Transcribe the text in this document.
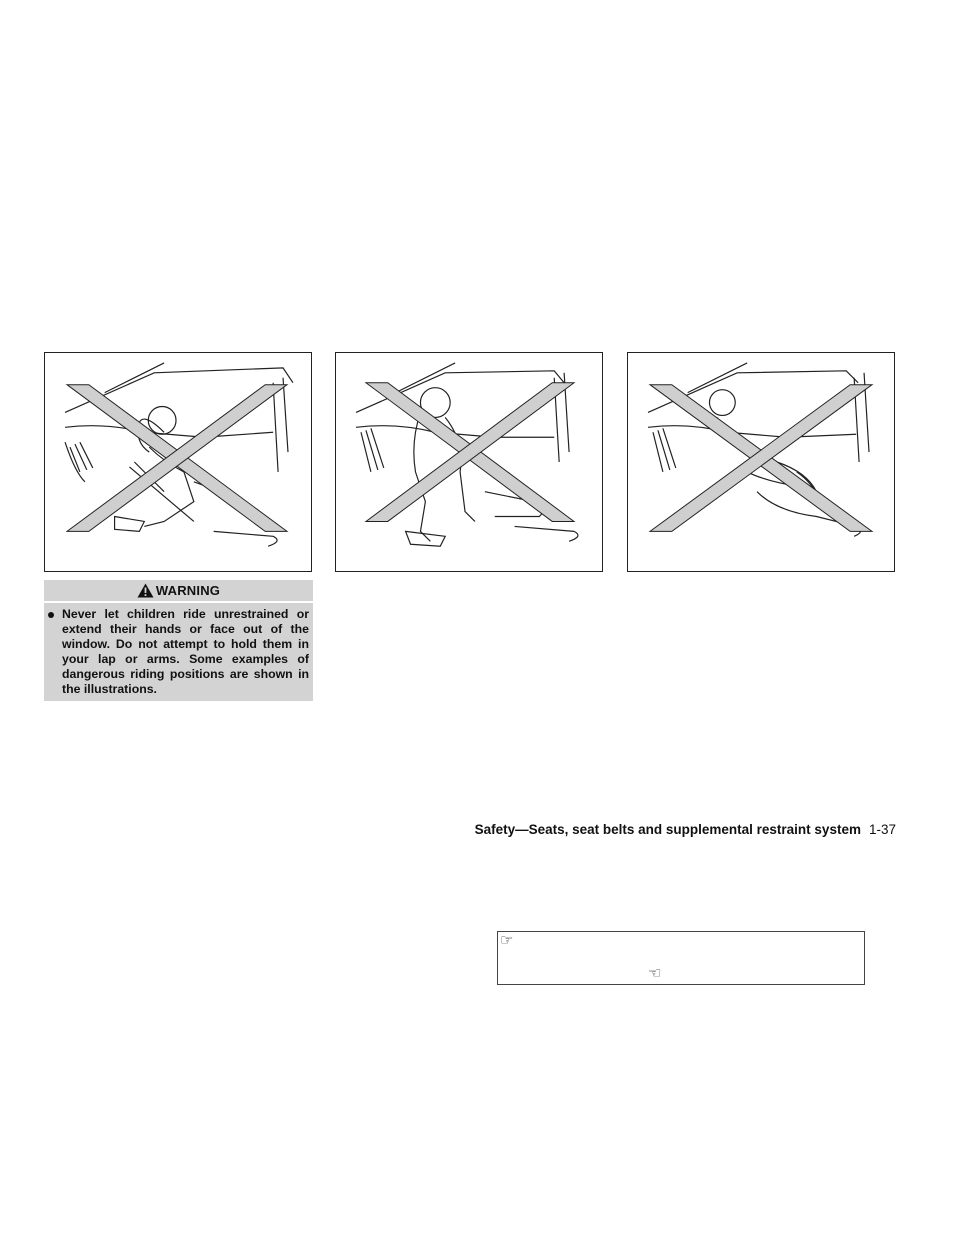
WARNING

Never let children ride unrestrained or extend their hands or face out of the window. Do not attempt to hold them in your lap or arms. Some examples of dangerous riding positions are shown in the illustrations.

Safety—Seats, seat belts and supplemental restraint system 1-37
☞
☜
